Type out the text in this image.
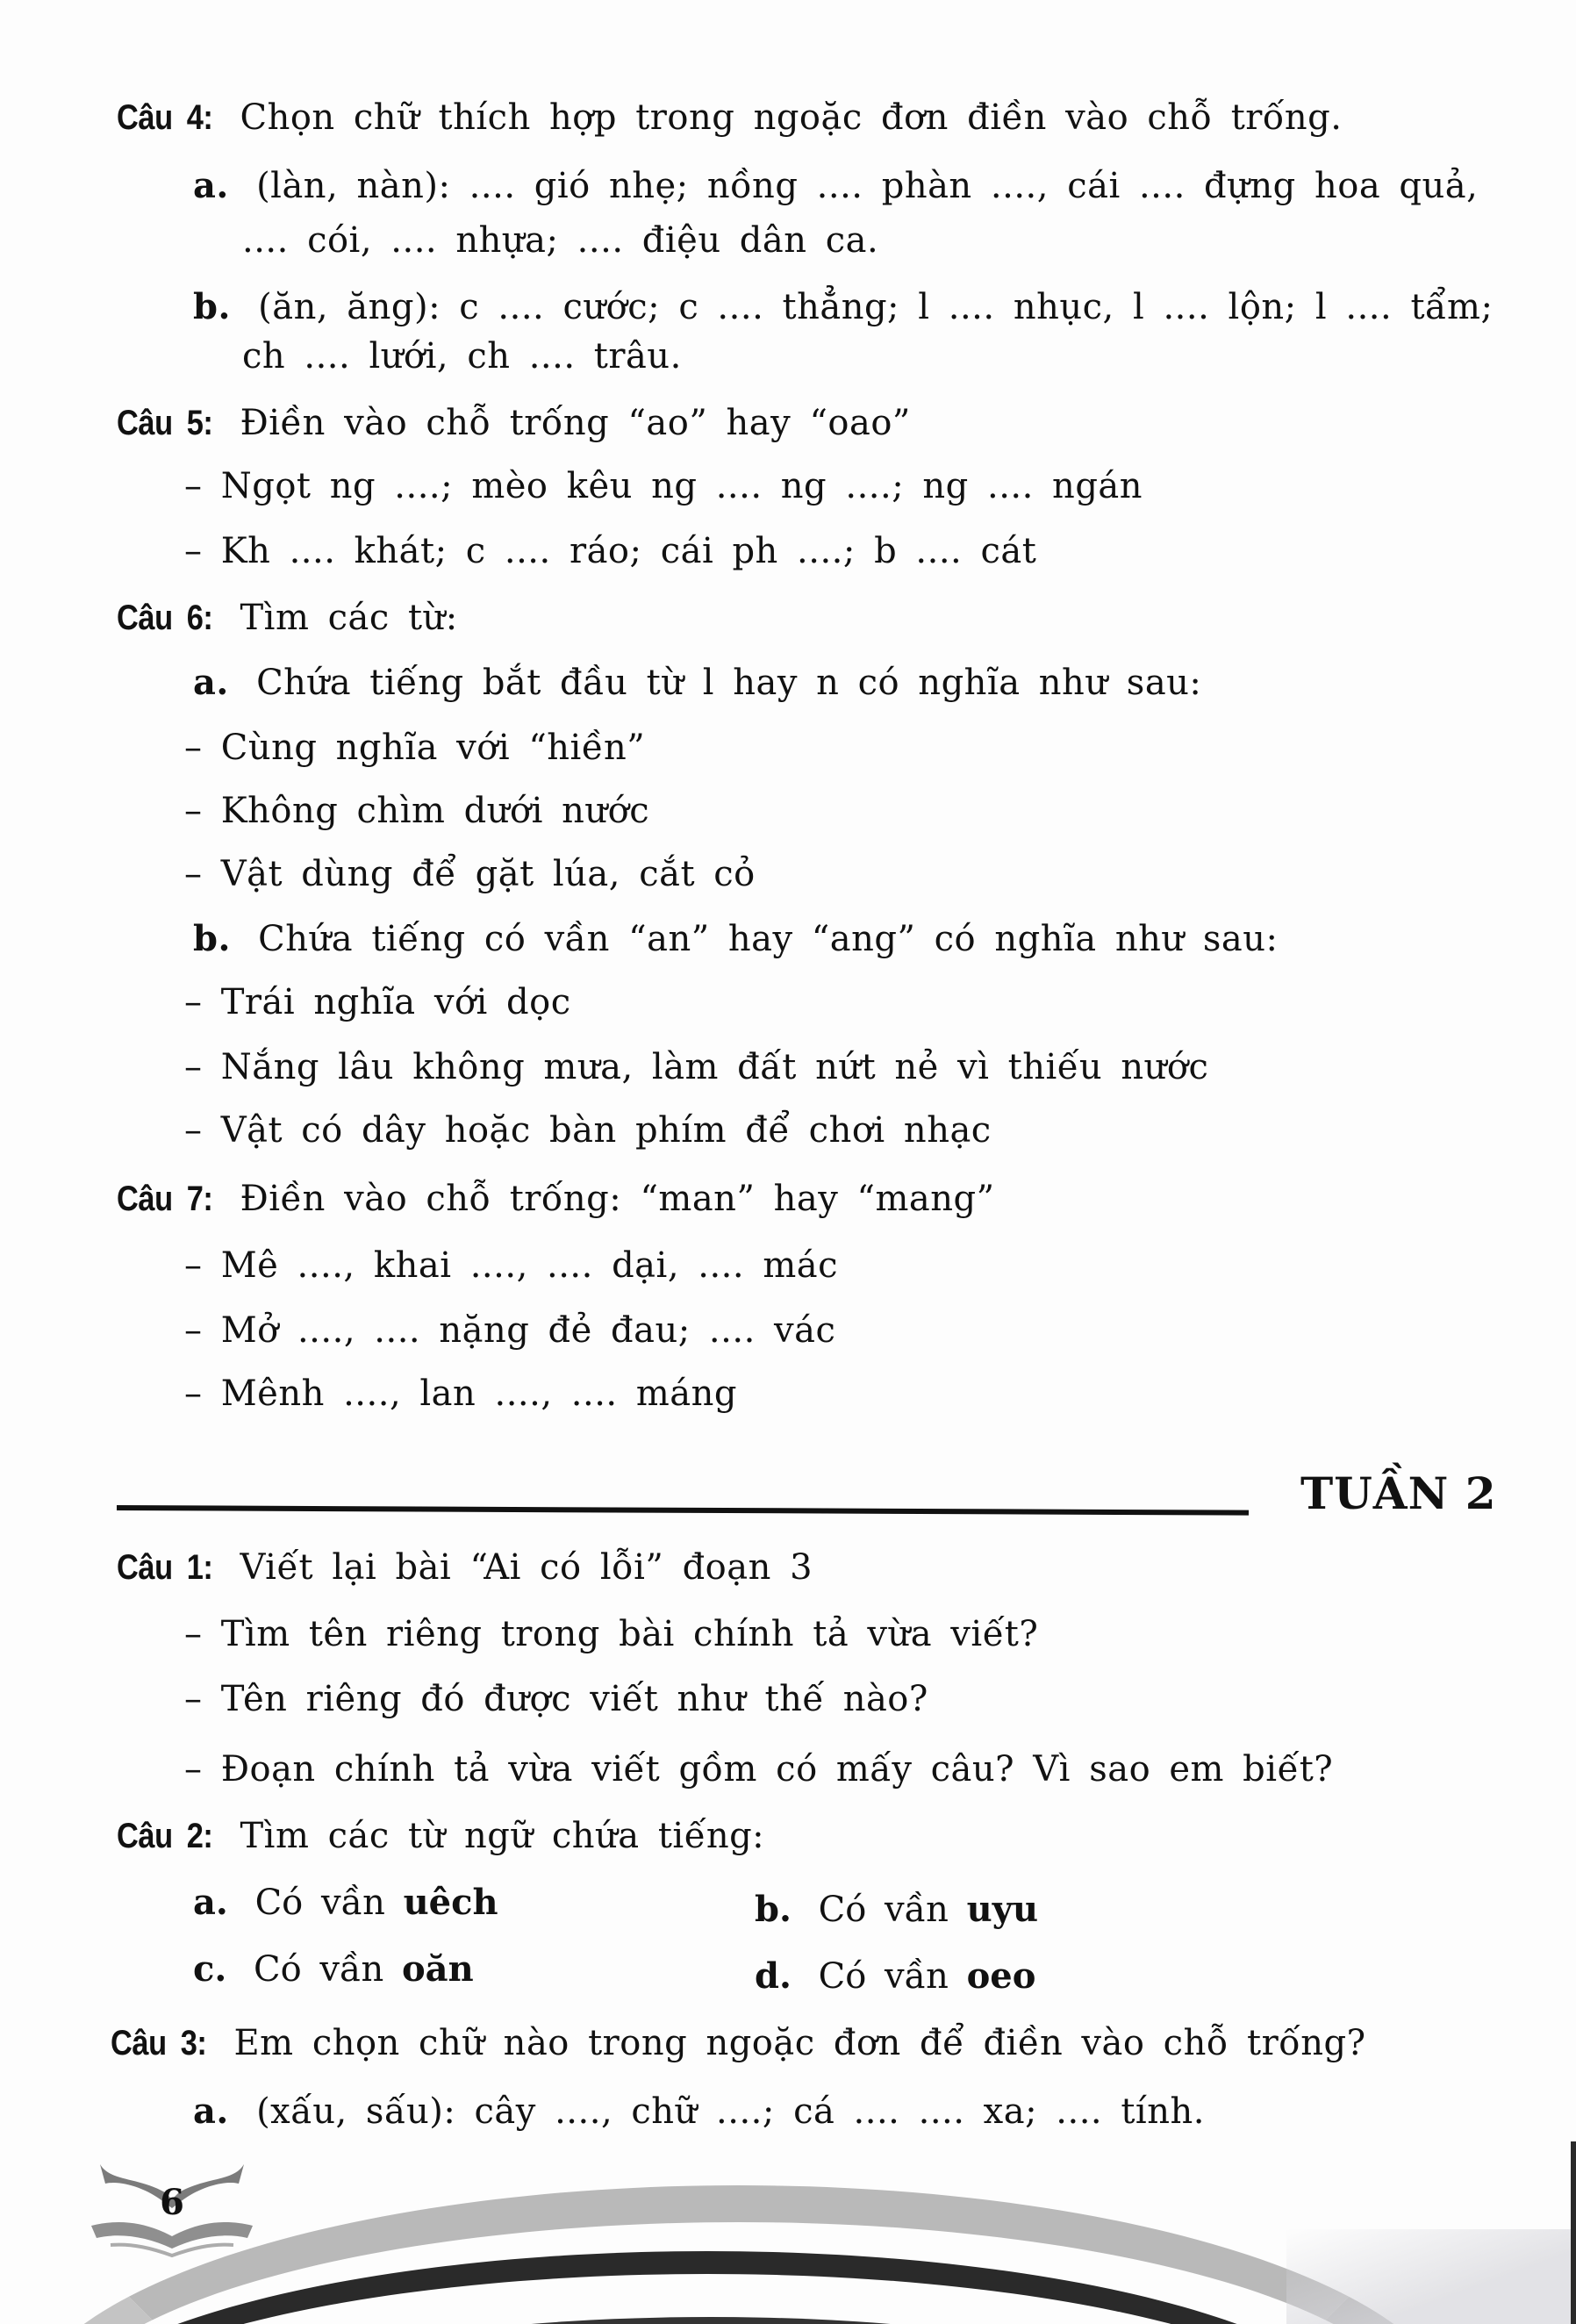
Câu 4: Chọn chữ thích hợp trong ngoặc đơn điền vào chỗ trống.
a. (làn, nàn): .... gió nhẹ; nồng .... phàn ...., cái .... đựng hoa quả,
.... cói, .... nhựa; .... điệu dân ca.
b. (ăn, ăng): c .... cước; c .... thẳng; l .... nhục, l .... lộn; l .... tẩm;
ch .... lưới, ch .... trâu.
Câu 5: Điền vào chỗ trống “ao” hay “oao”
– Ngọt ng ....; mèo kêu ng .... ng ....; ng .... ngán
– Kh .... khát; c .... ráo; cái ph ....; b .... cát
Câu 6: Tìm các từ:
a. Chứa tiếng bắt đầu từ l hay n có nghĩa như sau:
– Cùng nghĩa với “hiền”
– Không chìm dưới nước
– Vật dùng để gặt lúa, cắt cỏ
b. Chứa tiếng có vần “an” hay “ang” có nghĩa như sau:
– Trái nghĩa với dọc
– Nắng lâu không mưa, làm đất nứt nẻ vì thiếu nước
– Vật có dây hoặc bàn phím để chơi nhạc
Câu 7: Điền vào chỗ trống: “man” hay “mang”
– Mê ...., khai ...., .... dại, .... mác
– Mở ...., .... nặng đẻ đau; .... vác
– Mênh ...., lan ...., .... máng
TUẦN 2
Câu 1: Viết lại bài “Ai có lỗi” đoạn 3
– Tìm tên riêng trong bài chính tả vừa viết?
– Tên riêng đó được viết như thế nào?
– Đoạn chính tả vừa viết gồm có mấy câu? Vì sao em biết?
Câu 2: Tìm các từ ngữ chứa tiếng:
a. Có vần uêch	b. Có vần uyu
c. Có vần oăn	d. Có vần oeo
Câu 3: Em chọn chữ nào trong ngoặc đơn để điền vào chỗ trống?
a. (xấu, sấu): cây ...., chữ ....; cá .... .... xa; .... tính.
6
